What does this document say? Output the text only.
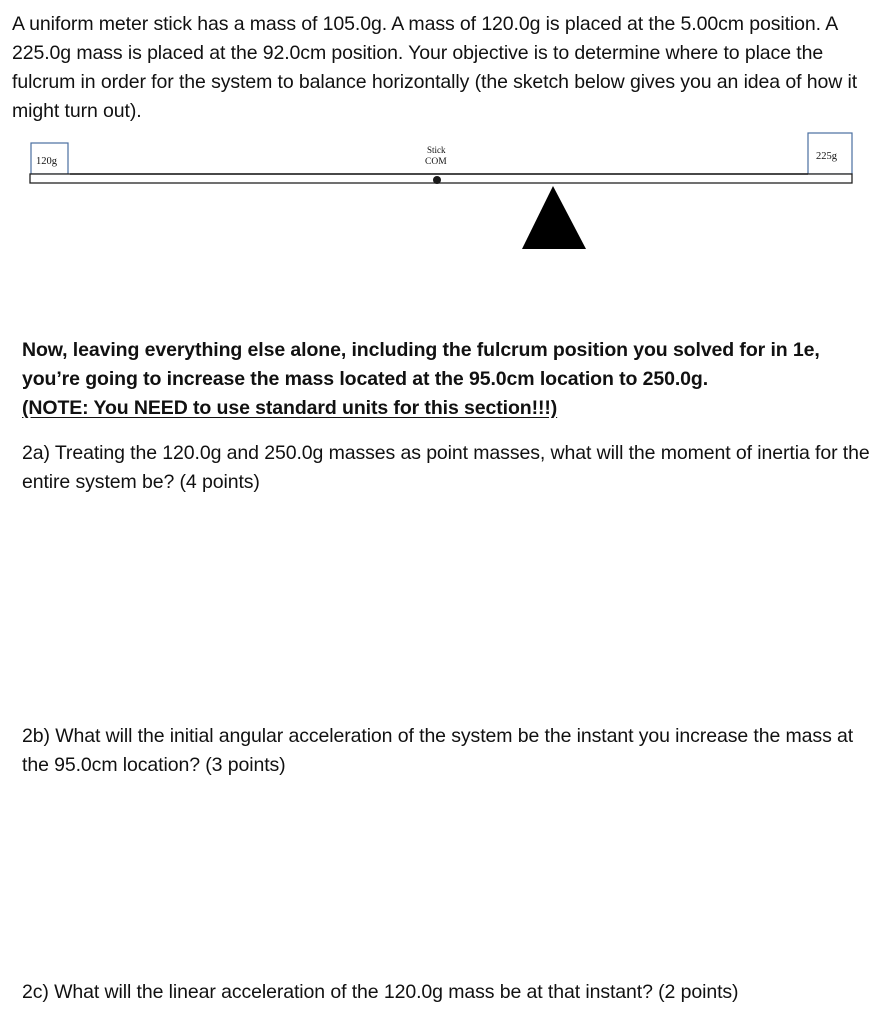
A uniform meter stick has a mass of 105.0g. A mass of 120.0g is placed at the 5.00cm position. A 225.0g mass is placed at the 92.0cm position. Your objective is to determine where to place the fulcrum in order for the system to balance horizontally (the sketch below gives you an idea of how it might turn out).
120g	225g
Stick
COM
Now, leaving everything else alone, including the fulcrum position you solved for in 1e, you’re going to increase the mass located at the 95.0cm location to 250.0g.
(NOTE: You NEED to use standard units for this section!!!)
2a) Treating the 120.0g and 250.0g masses as point masses, what will the moment of inertia for the entire system be? (4 points)
2b) What will the initial angular acceleration of the system be the instant you increase the mass at the 95.0cm location? (3 points)
2c) What will the linear acceleration of the 120.0g mass be at that instant? (2 points)
